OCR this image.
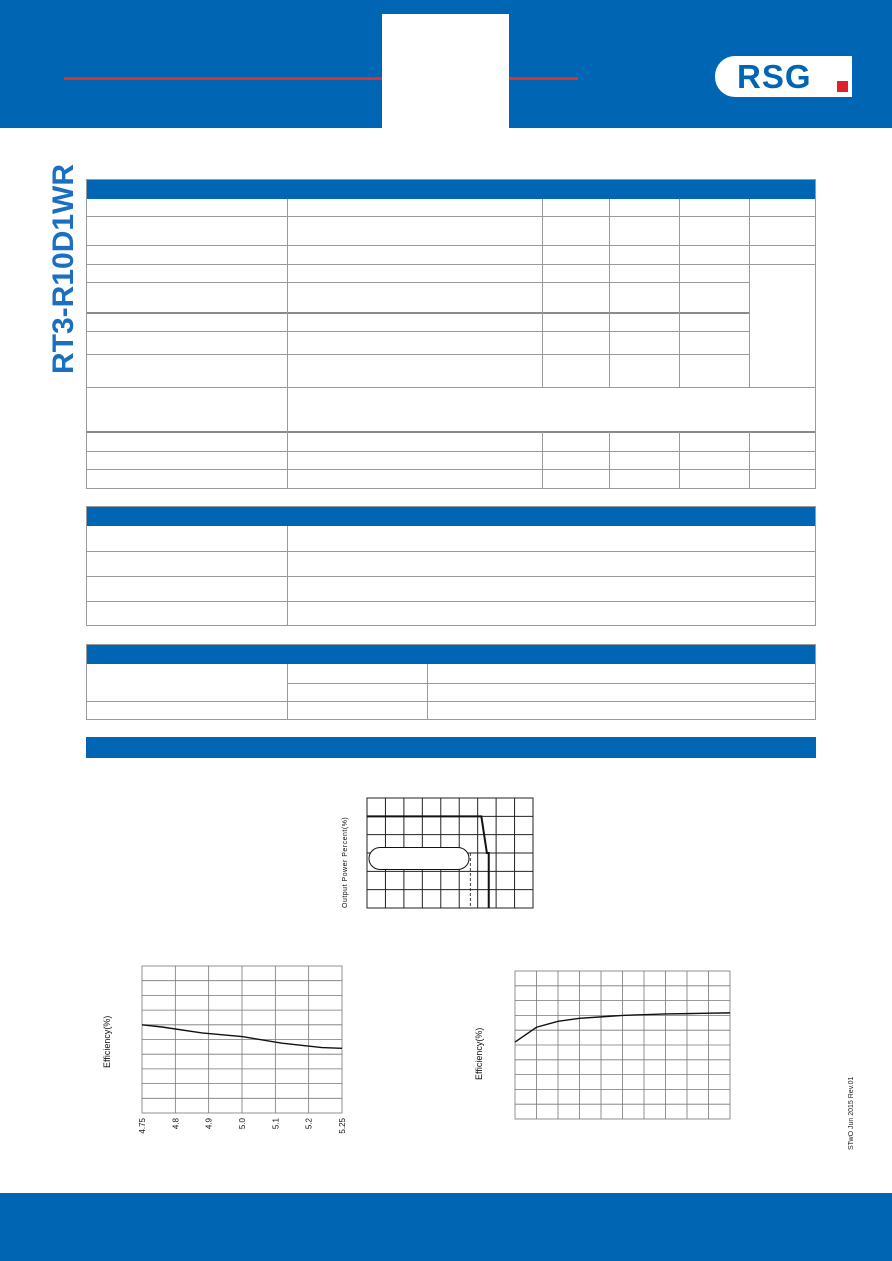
RSG
RT3-R10D1WR
Output Power Percent(%)
4.75	4.8	4.9	5.0	5.1	5.2	5.25
Efficiency(%)	Efficiency(%)
STwO Jun 2015 Rev.01
